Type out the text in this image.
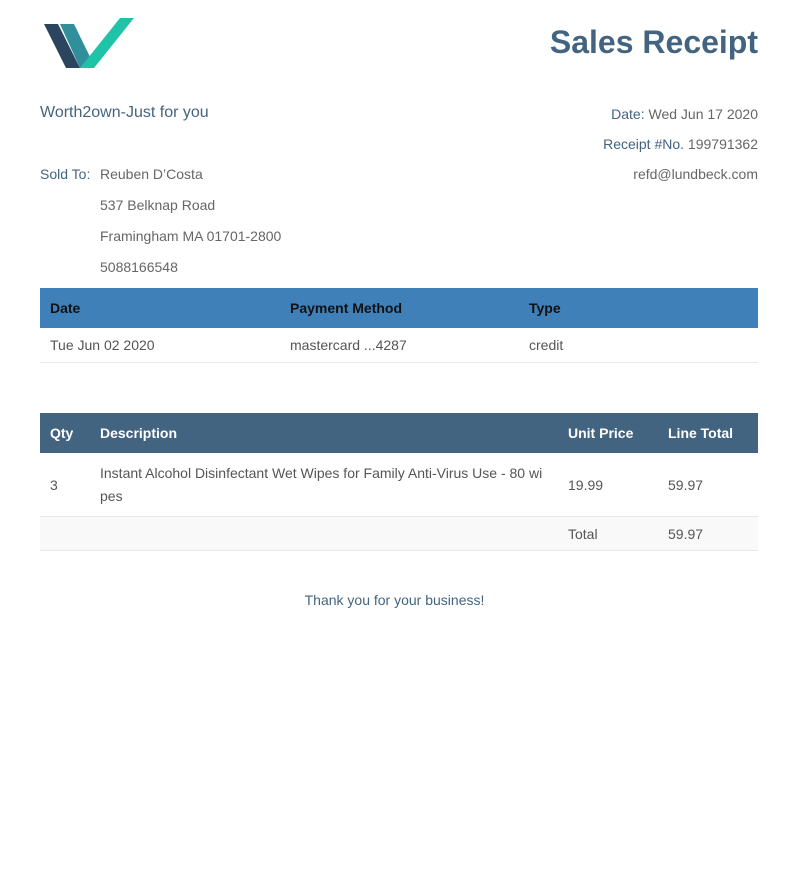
Sales Receipt
Worth2own-Just for you	Date: Wed Jun 17 2020
Receipt #No. 199791362
refd@lundbeck.com
Sold To: Reuben D’Costa
537 Belknap Road
Framingham MA 01701-2800
5088166548
Date	Payment Method	Type
Tue Jun 02 2020	mastercard ...4287	credit
Qty	Description	Unit Price	Line Total
3	Instant Alcohol Disinfectant Wet Wipes for Family Anti-Virus Use - 80 wi pes	19.99	59.97
		Total	59.97
Thank you for your business!
